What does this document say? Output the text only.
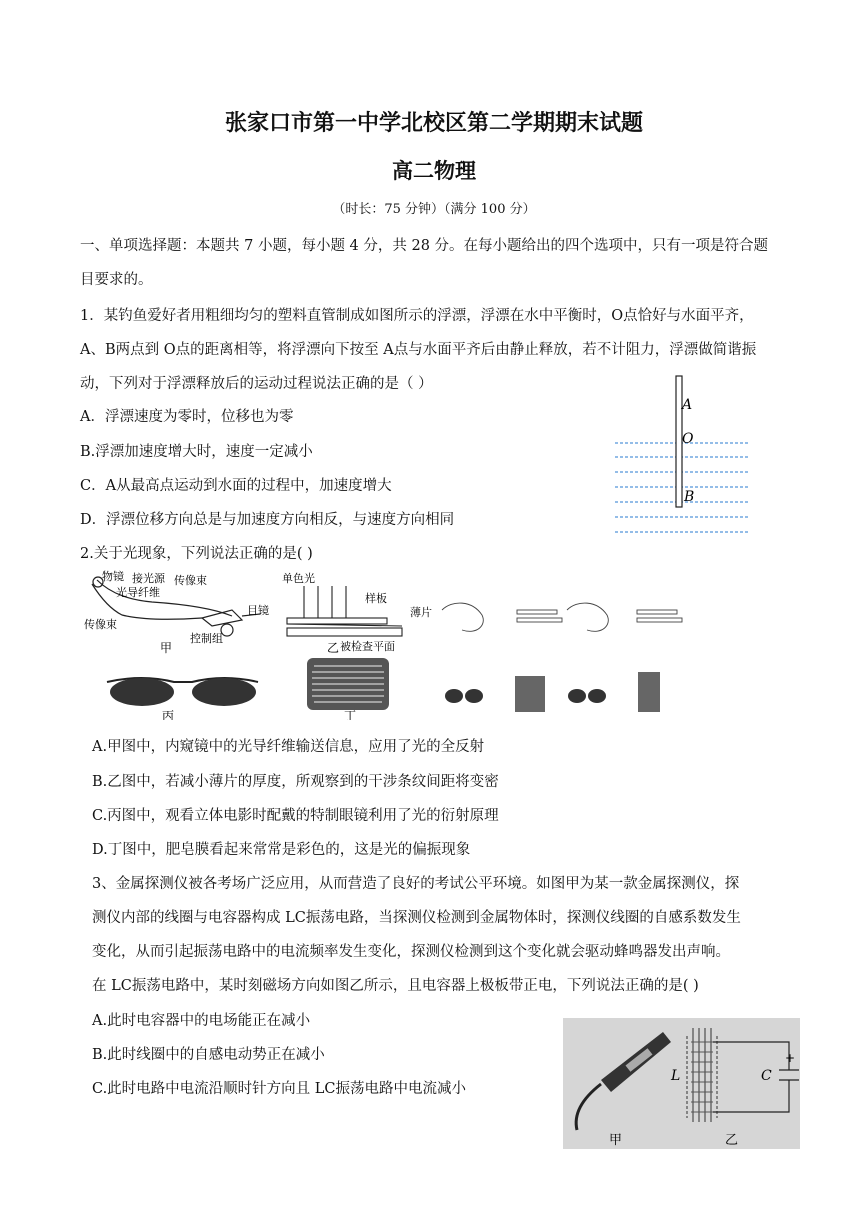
张家口市第一中学北校区第二学期期末试题
高二物理
（时长：75 分钟）（满分 100 分）
一、单项选择题：本题共 7 小题，每小题 4 分，共 28 分。在每小题给出的四个选项中，只有一项是符合题
目要求的。
1．某钓鱼爱好者用粗细均匀的塑料直管制成如图所示的浮漂，浮漂在水中平衡时，O点恰好与水面平齐，
A、B两点到 O点的距离相等，将浮漂向下按至 A点与水面平齐后由静止释放，若不计阻力，浮漂做简谐振
动，下列对于浮漂释放后的运动过程说法正确的是（ ）
A．浮漂速度为零时，位移也为零
B.浮漂加速度增大时，速度一定减小
C．A从最高点运动到水面的过程中，加速度增大
D．浮漂位移方向总是与加速度方向相反，与速度方向相同
A
O
B
2.关于光现象，下列说法正确的是( )
物镜 接光源 传像束
光导纤维
目镜
传像束
控制组
甲
单色光
样板
薄片
被检查平面
乙
丙	丁
A.甲图中，内窥镜中的光导纤维输送信息，应用了光的全反射
B.乙图中，若减小薄片的厚度，所观察到的干涉条纹间距将变密
C.丙图中，观看立体电影时配戴的特制眼镜利用了光的衍射原理
D.丁图中，肥皂膜看起来常常是彩色的，这是光的偏振现象
3、金属探测仪被各考场广泛应用，从而营造了良好的考试公平环境。如图甲为某一款金属探测仪，探
测仪内部的线圈与电容器构成 LC振荡电路，当探测仪检测到金属物体时，探测仪线圈的自感系数发生
变化，从而引起振荡电路中的电流频率发生变化，探测仪检测到这个变化就会驱动蜂鸣器发出声响。
在 LC振荡电路中，某时刻磁场方向如图乙所示，且电容器上极板带正电，下列说法正确的是( )
A.此时电容器中的电场能正在减小
B.此时线圈中的自感电动势正在减小
C.此时电路中电流沿顺时针方向且 LC振荡电路中电流减小
甲
L	C
+
乙
